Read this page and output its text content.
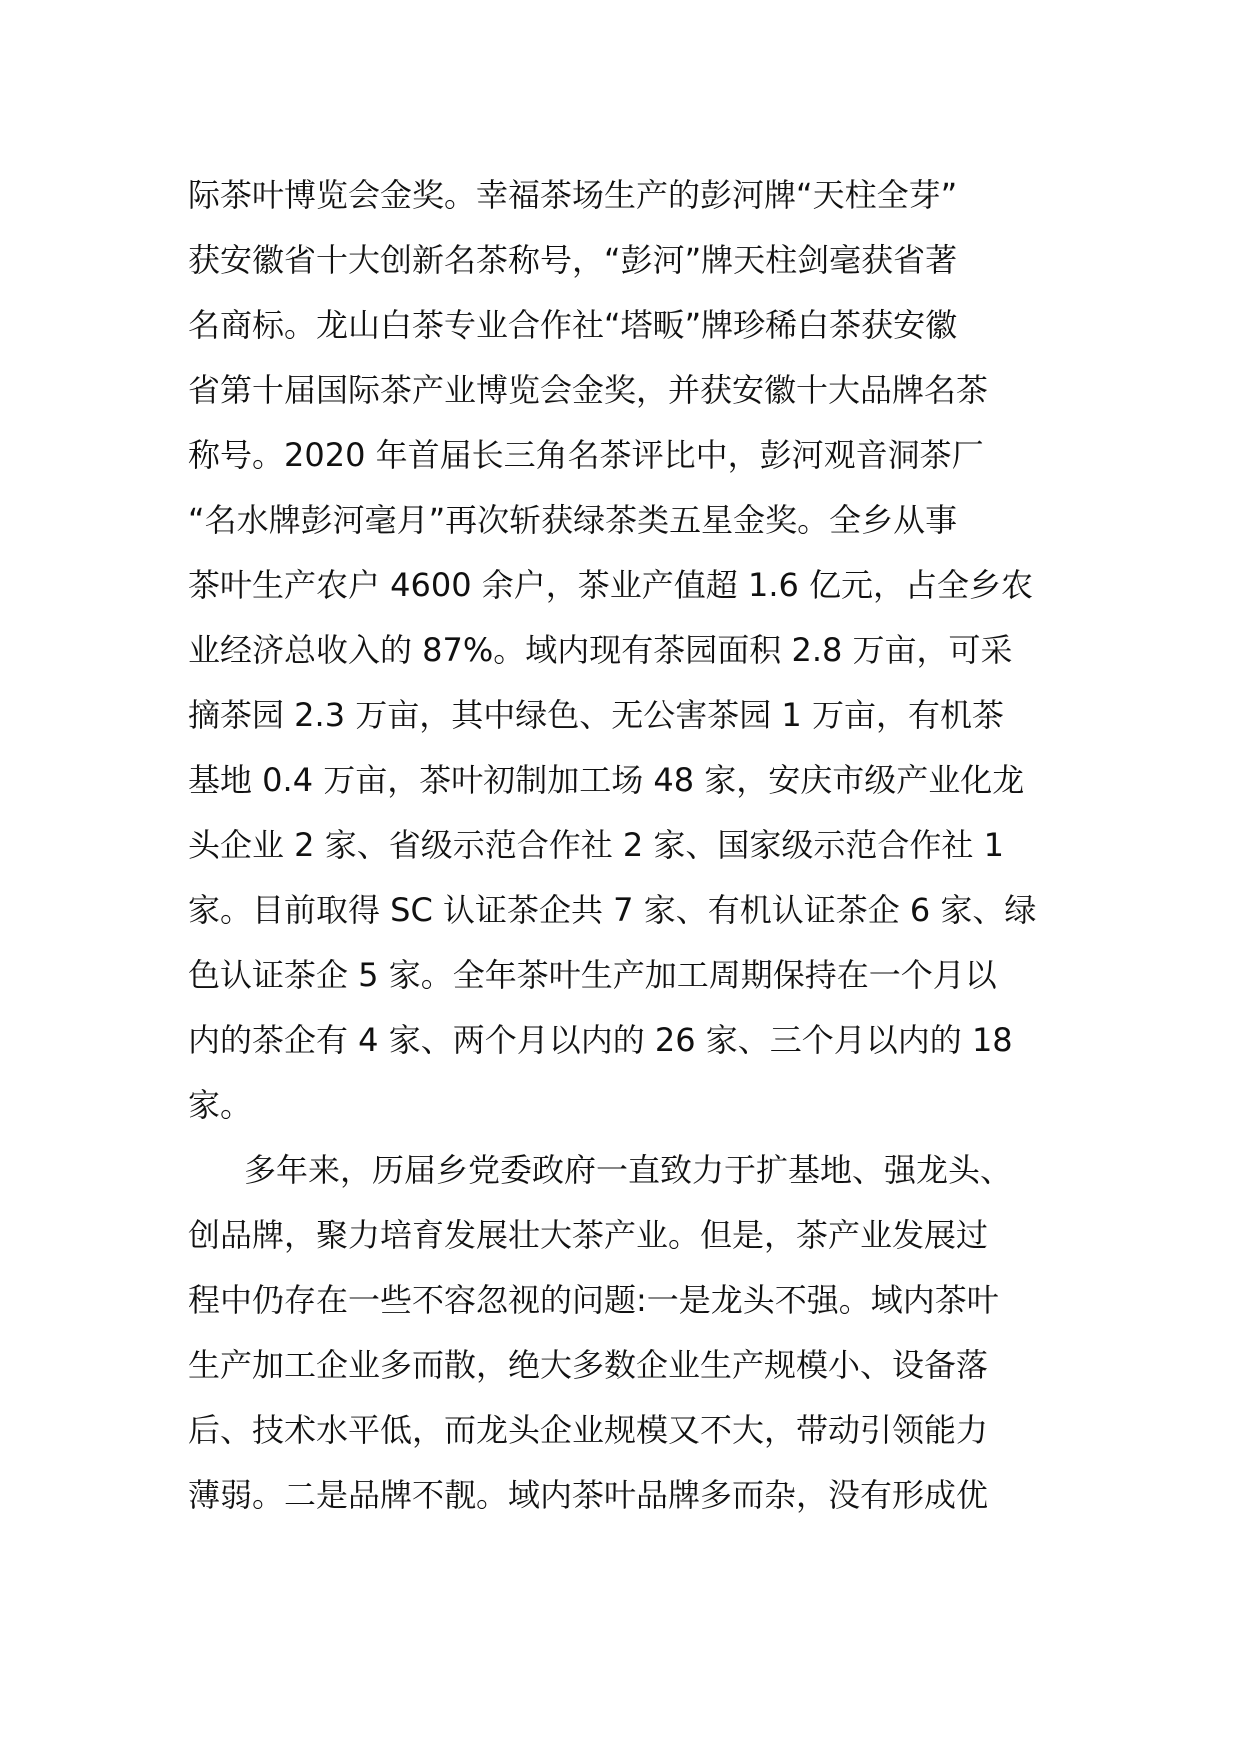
际茶叶博览会金奖。幸福茶场生产的彭河牌“天柱全芽”
获安徽省十大创新名茶称号，“彭河”牌天柱剑毫获省著
名商标。龙山白茶专业合作社“塔畈”牌珍稀白茶获安徽
省第十届国际茶产业博览会金奖，并获安徽十大品牌名茶
称号。2020 年首届长三角名茶评比中，彭河观音洞茶厂
“名水牌彭河毫月”再次斩获绿茶类五星金奖。全乡从事
茶叶生产农户 4600 余户，茶业产值超 1.6 亿元，占全乡农
业经济总收入的 87%。域内现有茶园面积 2.8 万亩，可采
摘茶园 2.3 万亩，其中绿色、无公害茶园 1 万亩，有机茶
基地 0.4 万亩，茶叶初制加工场 48 家，安庆市级产业化龙
头企业 2 家、省级示范合作社 2 家、国家级示范合作社 1
家。目前取得 SC 认证茶企共 7 家、有机认证茶企 6 家、绿
色认证茶企 5 家。全年茶叶生产加工周期保持在一个月以
内的茶企有 4 家、两个月以内的 26 家、三个月以内的 18
家。
多年来，历届乡党委政府一直致力于扩基地、强龙头、
创品牌，聚力培育发展壮大茶产业。但是，茶产业发展过
程中仍存在一些不容忽视的问题:一是龙头不强。域内茶叶
生产加工企业多而散，绝大多数企业生产规模小、设备落
后、技术水平低，而龙头企业规模又不大，带动引领能力
薄弱。二是品牌不靓。域内茶叶品牌多而杂，没有形成优
